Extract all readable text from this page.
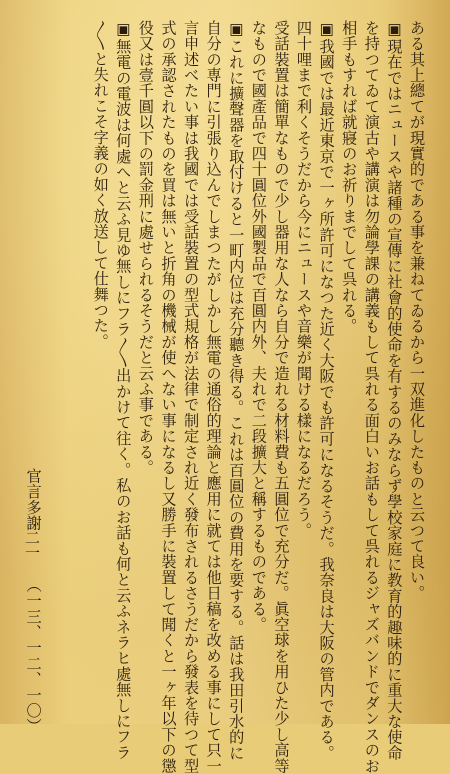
ある其上總てが現實的である事を兼ねてゐるから一双進化したものと云つて良い。
▣現在ではニュースや諸種の宣傳に社會的使命を有するのみならず學校家庭に教育的趣味的に重大な使命
を持つてゐて演古や講演は勿論學課の講義もして呉れる面白いお話もして呉れるジャズバンドでダンスのお
相手もすれば就寢のお祈りまでして呉れる。
▣我國では最近東京で一ヶ所許可になつた近く大阪でも許可になるそうだ。我奈良は大阪の管内である。
四十哩まで利くそうだから今にニュースや音樂が聞ける樣になるだろう。
受話裝置は簡單なもので少し器用な人なら自分で造れる材料費も五圓位で充分だ。眞空球を用ひた少し高等
なもので國產品で四十圓位外國製品で百圓内外、夫れで二段擴大と稱するものである。
▣これに擴聲器を取付けると一町内位は充分聽き得る。これは百圓位の費用を要する。話は我田引水的に
自分の専門に引張り込んでしまつたがしかし無電の通俗的理論と應用に就ては他日稿を改める事にして只一
言申述べたい事は我國では受話裝置の型式規格が法律で制定され近く發布されるさうだから發表を待つて型
式の承認されたものを買は無いと折角の機械が使へない事になるし又勝手に裝置して聞くと一ヶ年以下の懲
役又は壹千圓以下の罰金刑に處せられるそうだと云ふ事である。
▣無電の電波は何處へと云ふ見ゆ無しにフラ〳〵出かけて往く。私のお話も何と云ふネラヒ處無しにフラ
〳〵と失れこそ字義の如く放送して仕舞つた。
官言多謝 （一三、一二、一〇）
二一
